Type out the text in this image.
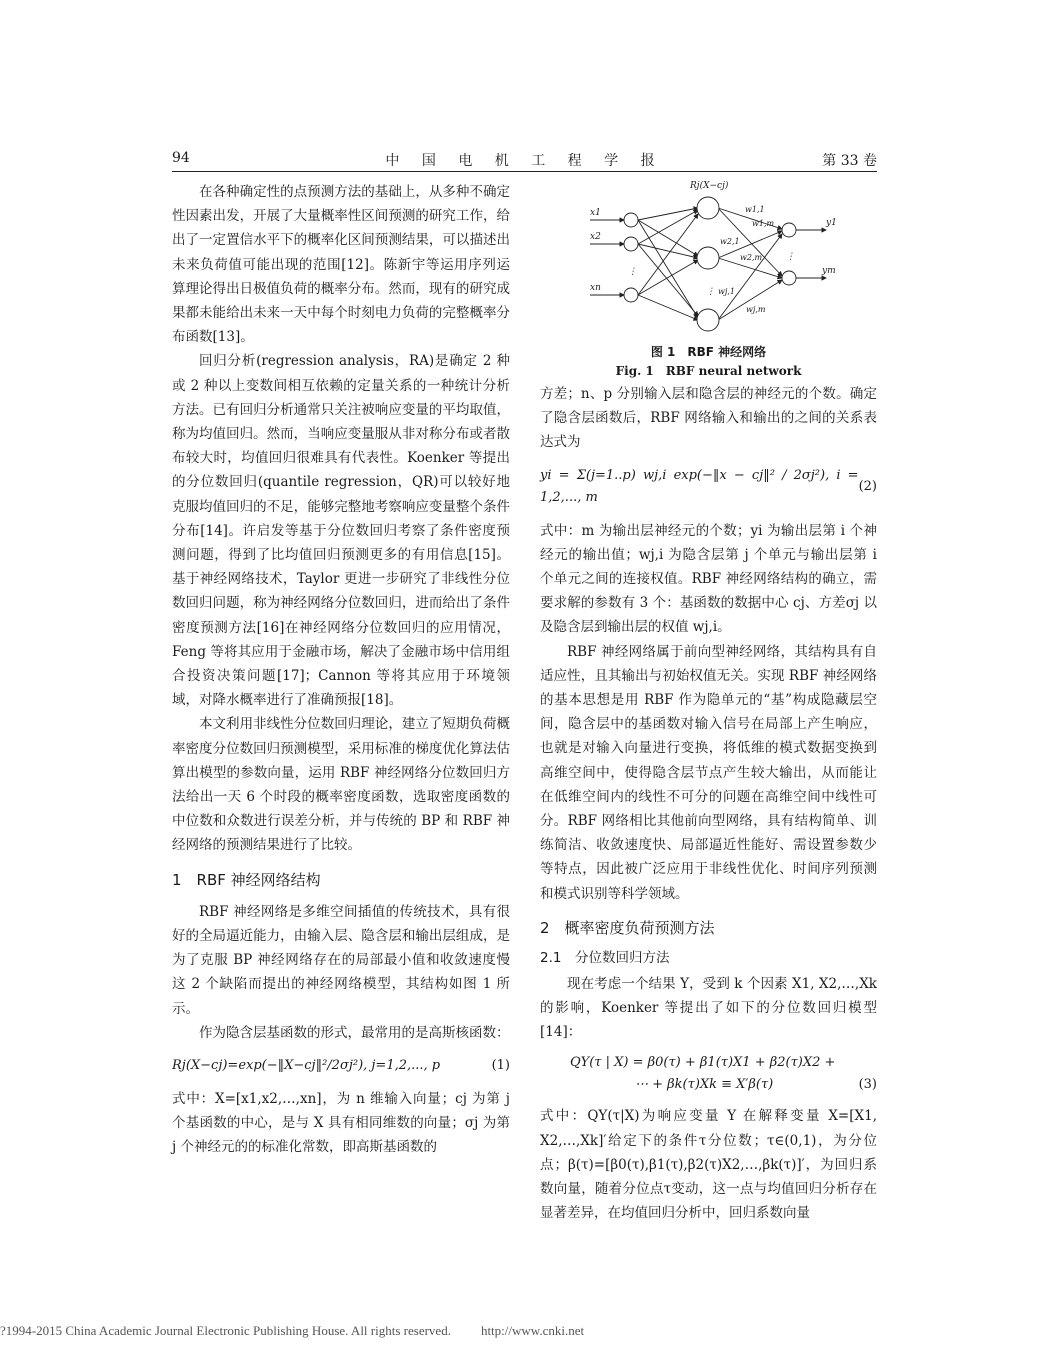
94	中 国 电 机 工 程 学 报	第 33 卷

在各种确定性的点预测方法的基础上，从多种不确定性因素出发，开展了大量概率性区间预测的研究工作，给出了一定置信水平下的概率化区间预测结果，可以描述出未来负荷值可能出现的范围[12]。陈新宇等运用序列运算理论得出日极值负荷的概率分布。然而，现有的研究成果都未能给出未来一天中每个时刻电力负荷的完整概率分布函数[13]。

回归分析(regression analysis，RA)是确定 2 种或 2 种以上变数间相互依赖的定量关系的一种统计分析方法。已有回归分析通常只关注被响应变量的平均取值，称为均值回归。然而，当响应变量服从非对称分布或者散布较大时，均值回归很难具有代表性。Koenker 等提出的分位数回归(quantile regression，QR)可以较好地克服均值回归的不足，能够完整地考察响应变量整个条件分布[14]。许启发等基于分位数回归考察了条件密度预测问题，得到了比均值回归预测更多的有用信息[15]。基于神经网络技术，Taylor 更进一步研究了非线性分位数回归问题，称为神经网络分位数回归，进而给出了条件密度预测方法[16]在神经网络分位数回归的应用情况，Feng 等将其应用于金融市场，解决了金融市场中信用组合投资决策问题[17]；Cannon 等将其应用于环境领域，对降水概率进行了准确预报[18]。

本文利用非线性分位数回归理论，建立了短期负荷概率密度分位数回归预测模型，采用标准的梯度优化算法估算出模型的参数向量，运用 RBF 神经网络分位数回归方法给出一天 6 个时段的概率密度函数，选取密度函数的中位数和众数进行误差分析，并与传统的 BP 和 RBF 神经网络的预测结果进行了比较。

1　RBF 神经网络结构

RBF 神经网络是多维空间插值的传统技术，具有很好的全局逼近能力，由输入层、隐含层和输出层组成，是为了克服 BP 神经网络存在的局部最小值和收敛速度慢这 2 个缺陷而提出的神经网络模型，其结构如图 1 所示。

作为隐含层基函数的形式，最常用的是高斯核函数：

Rj(X−cj)=exp(−‖X−cj‖²/2σj²), j=1,2,..., p	(1)

式中：X=[x1,x2,…,xn]，为 n 维输入向量；cj 为第 j 个基函数的中心，是与 X 具有相同维数的向量；σj 为第 j 个神经元的的标准化常数，即高斯基函数的

Rj(X−cj)
x1
x2
⋮
xn
y1
⋮
ym
w1,1
w1,m
w2,1
w2,m
⋮ wj,1
wj,m
图 1　RBF 神经网络
Fig. 1　RBF neural network

方差；n、p 分别输入层和隐含层的神经元的个数。确定了隐含层函数后，RBF 网络输入和输出的之间的关系表达式为

yi = Σ(j=1..p) wj,i exp(−‖x − cj‖² / 2σj²), i = 1,2,..., m
(2)

式中：m 为输出层神经元的个数；yi 为输出层第 i 个神经元的输出值；wj,i 为隐含层第 j 个单元与输出层第 i 个单元之间的连接权值。RBF 神经网络结构的确立，需要求解的参数有 3 个：基函数的数据中心 cj、方差σj 以及隐含层到输出层的权值 wj,i。

RBF 神经网络属于前向型神经网络，其结构具有自适应性，且其输出与初始权值无关。实现 RBF 神经网络的基本思想是用 RBF 作为隐单元的“基”构成隐藏层空间，隐含层中的基函数对输入信号在局部上产生响应，也就是对输入向量进行变换，将低维的模式数据变换到高维空间中，使得隐含层节点产生较大输出，从而能让在低维空间内的线性不可分的问题在高维空间中线性可分。RBF 网络相比其他前向型网络，具有结构简单、训练简洁、收敛速度快、局部逼近性能好、需设置参数少等特点，因此被广泛应用于非线性优化、时间序列预测和模式识别等科学领域。

2　概率密度负荷预测方法
2.1　分位数回归方法

现在考虑一个结果 Y，受到 k 个因素 X1, X2,…,Xk 的影响，Koenker 等提出了如下的分位数回归模型[14]：

QY(τ | X) = β0(τ) + β1(τ)X1 + β2(τ)X2 +
⋯ + βk(τ)Xk ≡ X′β(τ)	(3)

式中：QY(τ|X)为响应变量 Y 在解释变量 X=[X1, X2,…,Xk]′给定下的条件τ分位数；τ∈(0,1)，为分位点；β(τ)=[β0(τ),β1(τ),β2(τ)X2,…,βk(τ)]′，为回归系数向量，随着分位点τ变动，这一点与均值回归分析存在显著差异，在均值回归分析中，回归系数向量

?1994-2015 China Academic Journal Electronic Publishing House. All rights reserved. http://www.cnki.net
